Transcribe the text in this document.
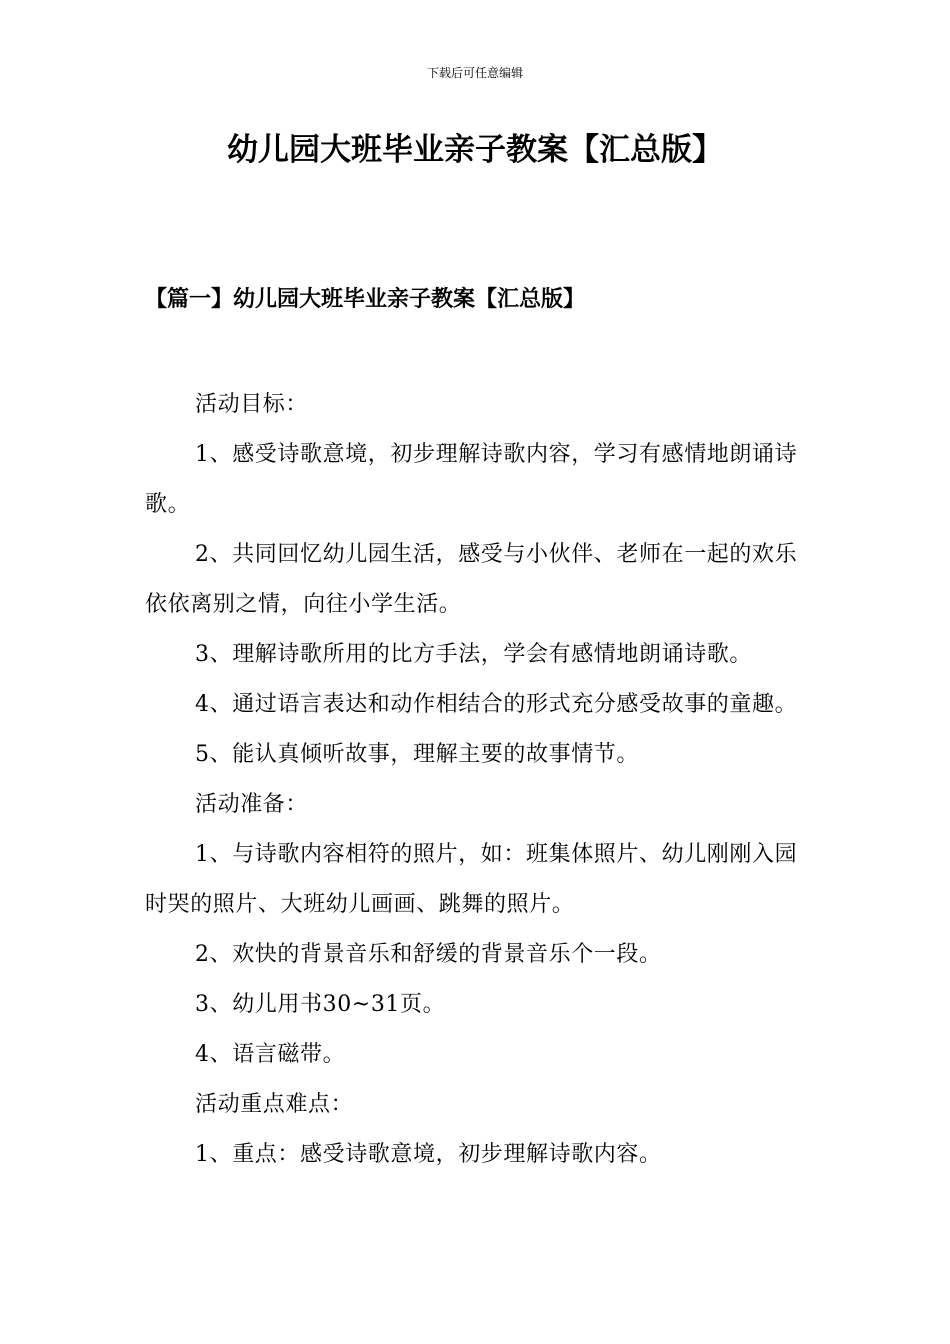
下载后可任意编辑
幼儿园大班毕业亲子教案【汇总版】
【篇一】幼儿园大班毕业亲子教案【汇总版】

活动目标：

1、感受诗歌意境，初步理解诗歌内容，学习有感情地朗诵诗歌。

2、共同回忆幼儿园生活，感受与小伙伴、老师在一起的欢乐依依离别之情，向往小学生活。

3、理解诗歌所用的比方手法，学会有感情地朗诵诗歌。

4、通过语言表达和动作相结合的形式充分感受故事的童趣。

5、能认真倾听故事，理解主要的故事情节。

活动准备：

1、与诗歌内容相符的照片，如：班集体照片、幼儿刚刚入园时哭的照片、大班幼儿画画、跳舞的照片。

2、欢快的背景音乐和舒缓的背景音乐个一段。

3、幼儿用书30~31页。

4、语言磁带。

活动重点难点：

1、重点：感受诗歌意境，初步理解诗歌内容。
